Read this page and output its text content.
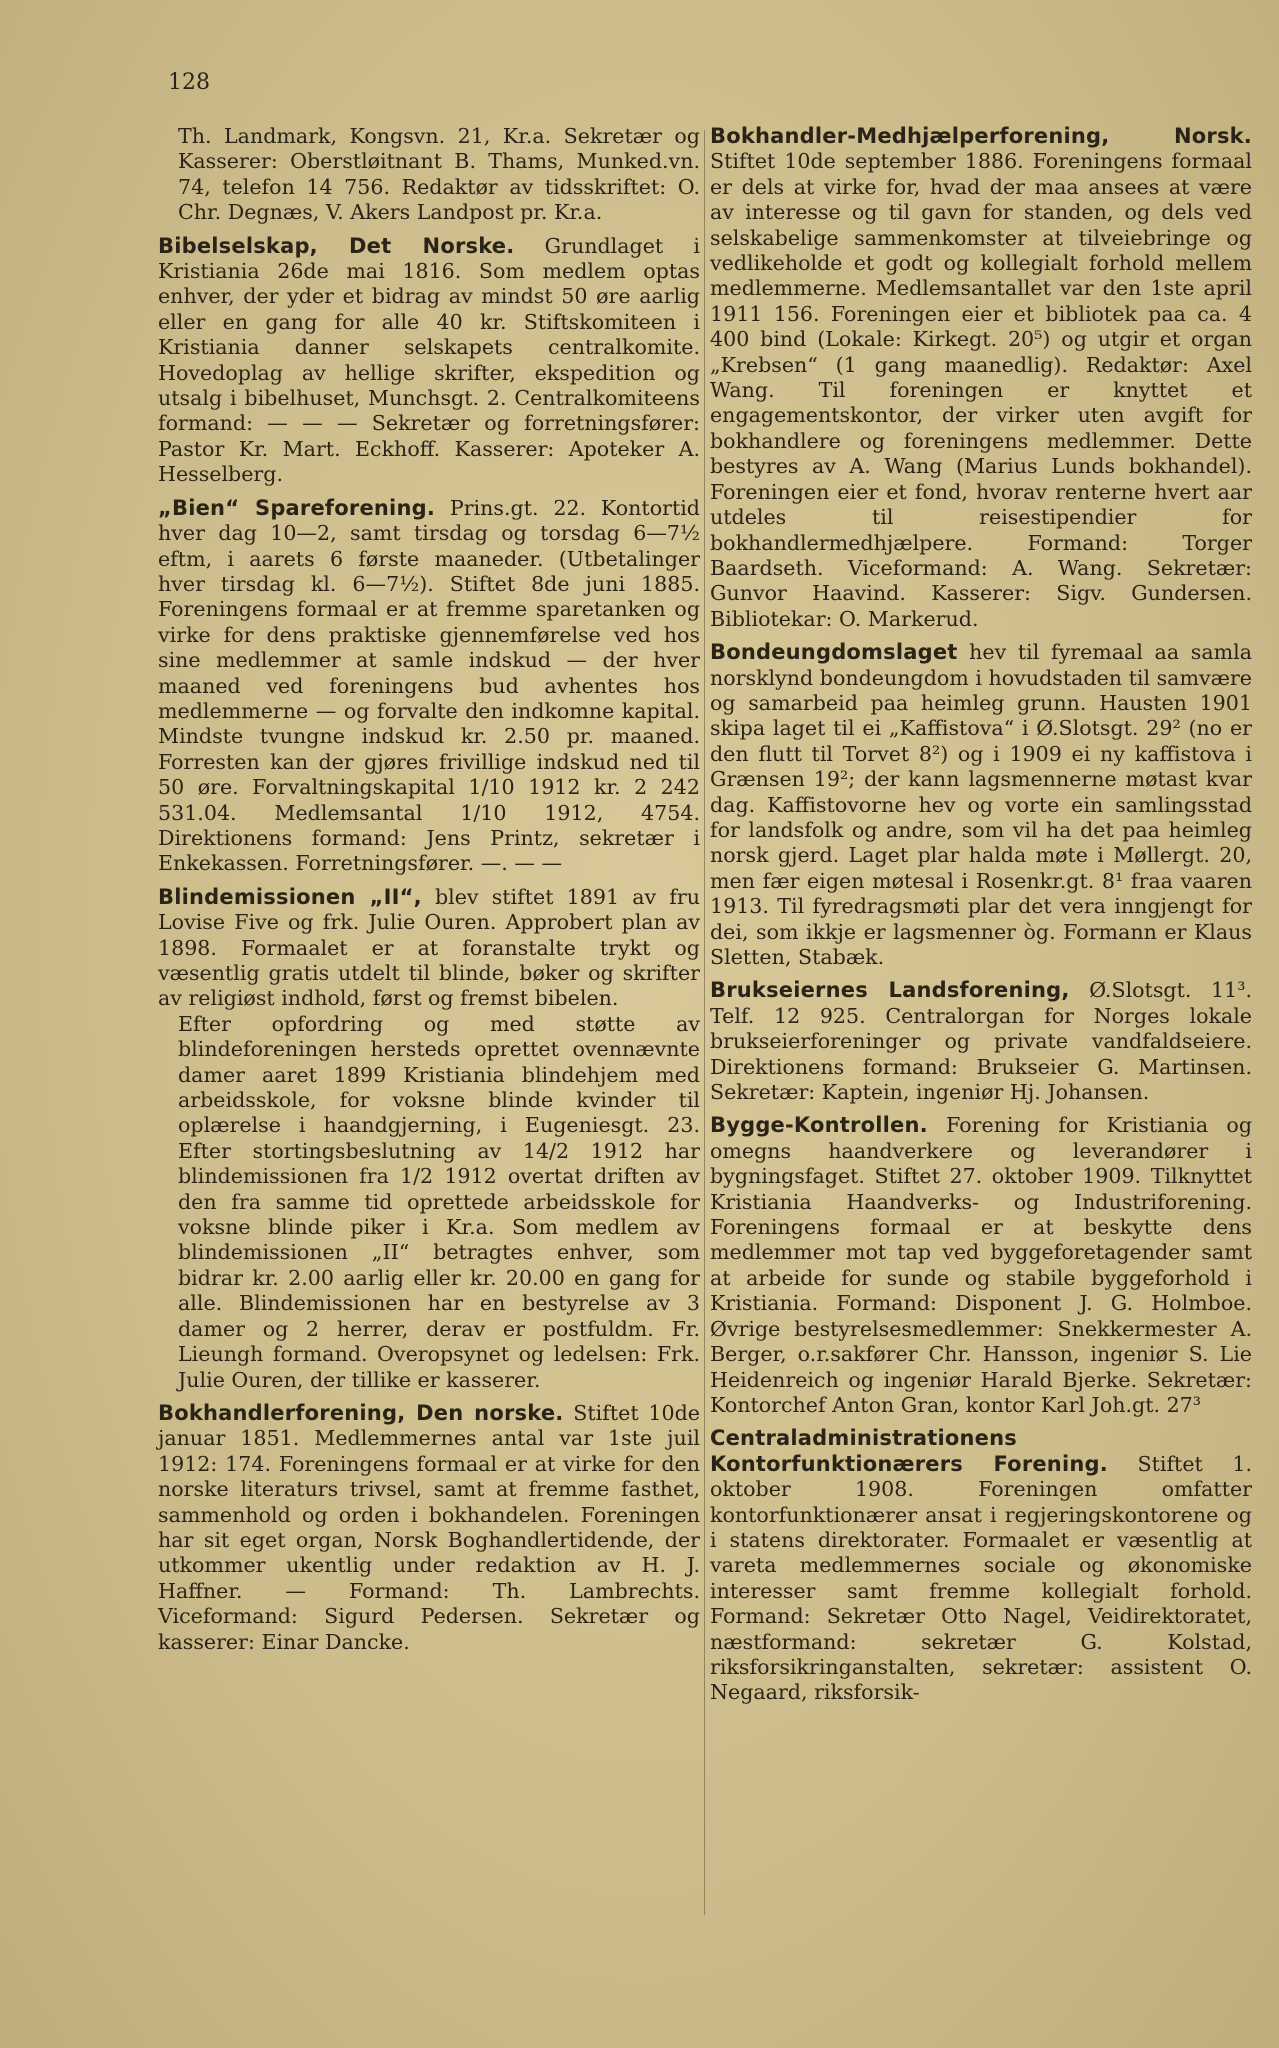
128

Th. Landmark, Kongsvn. 21, Kr.a. Sekretær og Kasserer: Oberstløitnant B. Thams, Munked.vn. 74, telefon 14 756. Redaktør av tidsskriftet: O. Chr. Degnæs, V. Akers Landpost pr. Kr.a.

Bibelselskap, Det Norske. Grundlaget i Kristiania 26de mai 1816. Som medlem optas enhver, der yder et bidrag av mindst 50 øre aarlig eller en gang for alle 40 kr. Stiftskomiteen i Kristiania danner selskapets centralkomite. Hovedoplag av hellige skrifter, ekspedition og utsalg i bibelhuset, Munchsgt. 2. Centralkomiteens formand: — — — Sekretær og forretningsfører: Pastor Kr. Mart. Eckhoff. Kasserer: Apoteker A. Hesselberg.

„Bien“ Spareforening. Prins.gt. 22. Kontortid hver dag 10—2, samt tirsdag og torsdag 6—7½ eftm, i aarets 6 første maaneder. (Utbetalinger hver tirsdag kl. 6—7½). Stiftet 8de juni 1885. Foreningens formaal er at fremme sparetanken og virke for dens praktiske gjennemførelse ved hos sine medlemmer at samle indskud — der hver maaned ved foreningens bud avhentes hos medlemmerne — og forvalte den indkomne kapital. Mindste tvungne indskud kr. 2.50 pr. maaned. Forresten kan der gjøres frivillige indskud ned til 50 øre. Forvaltningskapital 1/10 1912 kr. 2 242 531.04. Medlemsantal 1/10 1912, 4754. Direktionens formand: Jens Printz, sekretær i Enkekassen. Forretningsfører. —. — —

Blindemissionen „II“, blev stiftet 1891 av fru Lovise Five og frk. Julie Ouren. Approbert plan av 1898. Formaalet er at foranstalte trykt og væsentlig gratis utdelt til blinde, bøker og skrifter av religiøst indhold, først og fremst bibelen.

Efter opfordring og med støtte av blindeforeningen hersteds oprettet ovennævnte damer aaret 1899 Kristiania blindehjem med arbeidsskole, for voksne blinde kvinder til oplærelse i haandgjerning, i Eugeniesgt. 23. Efter stortingsbeslutning av 14/2 1912 har blindemissionen fra 1/2 1912 overtat driften av den fra samme tid oprettede arbeidsskole for voksne blinde piker i Kr.a. Som medlem av blindemissionen „II“ betragtes enhver, som bidrar kr. 2.00 aarlig eller kr. 20.00 en gang for alle. Blindemissionen har en bestyrelse av 3 damer og 2 herrer, derav er postfuldm. Fr. Lieungh formand. Overopsynet og ledelsen: Frk. Julie Ouren, der tillike er kasserer.

Bokhandlerforening, Den norske. Stiftet 10de januar 1851. Medlemmernes antal var 1ste juil 1912: 174. Foreningens formaal er at virke for den norske literaturs trivsel, samt at fremme fasthet, sammenhold og orden i bokhandelen. Foreningen har sit eget organ, Norsk Boghandlertidende, der utkommer ukentlig under redaktion av H. J. Haffner. — Formand: Th. Lambrechts. Viceformand: Sigurd Pedersen. Sekretær og kasserer: Einar Dancke.

Bokhandler-Medhjælperforening, Norsk. Stiftet 10de september 1886. Foreningens formaal er dels at virke for, hvad der maa ansees at være av interesse og til gavn for standen, og dels ved selskabelige sammenkomster at tilveiebringe og vedlikeholde et godt og kollegialt forhold mellem medlemmerne. Medlemsantallet var den 1ste april 1911 156. Foreningen eier et bibliotek paa ca. 4 400 bind (Lokale: Kirkegt. 20⁵) og utgir et organ „Krebsen“ (1 gang maanedlig). Redaktør: Axel Wang. Til foreningen er knyttet et engagementskontor, der virker uten avgift for bokhandlere og foreningens medlemmer. Dette bestyres av A. Wang (Marius Lunds bokhandel). Foreningen eier et fond, hvorav renterne hvert aar utdeles til reisestipendier for bokhandlermedhjælpere. Formand: Torger Baardseth. Viceformand: A. Wang. Sekretær: Gunvor Haavind. Kasserer: Sigv. Gundersen. Bibliotekar: O. Markerud.

Bondeungdomslaget hev til fyremaal aa samla norsklynd bondeungdom i hovudstaden til samvære og samarbeid paa heimleg grunn. Hausten 1901 skipa laget til ei „Kaffistova“ i Ø.Slotsgt. 29² (no er den flutt til Torvet 8²) og i 1909 ei ny kaffistova i Grænsen 19²; der kann lagsmennerne møtast kvar dag. Kaffistovorne hev og vorte ein samlingsstad for landsfolk og andre, som vil ha det paa heimleg norsk gjerd. Laget plar halda møte i Møllergt. 20, men fær eigen møtesal i Rosenkr.gt. 8¹ fraa vaaren 1913. Til fyredragsmøti plar det vera inngjengt for dei, som ikkje er lagsmenner òg. Formann er Klaus Sletten, Stabæk.

Brukseiernes Landsforening, Ø.Slotsgt. 11³. Telf. 12 925. Centralorgan for Norges lokale brukseierforeninger og private vandfaldseiere. Direktionens formand: Brukseier G. Martinsen. Sekretær: Kaptein, ingeniør Hj. Johansen.

Bygge-Kontrollen. Forening for Kristiania og omegns haandverkere og leverandører i bygningsfaget. Stiftet 27. oktober 1909. Tilknyttet Kristiania Haandverks- og Industriforening. Foreningens formaal er at beskytte dens medlemmer mot tap ved byggeforetagender samt at arbeide for sunde og stabile byggeforhold i Kristiania. Formand: Disponent J. G. Holmboe. Øvrige bestyrelsesmedlemmer: Snekkermester A. Berger, o.r.sakfører Chr. Hansson, ingeniør S. Lie Heidenreich og ingeniør Harald Bjerke. Sekretær: Kontorchef Anton Gran, kontor Karl Joh.gt. 27³

Centraladministrationens Kontorfunktionærers Forening. Stiftet 1. oktober 1908. Foreningen omfatter kontorfunktionærer ansat i regjeringskontorene og i statens direktorater. Formaalet er væsentlig at vareta medlemmernes sociale og økonomiske interesser samt fremme kollegialt forhold. Formand: Sekretær Otto Nagel, Veidirektoratet, næstformand: sekretær G. Kolstad, riksforsikringanstalten, sekretær: assistent O. Negaard, riksforsik-
